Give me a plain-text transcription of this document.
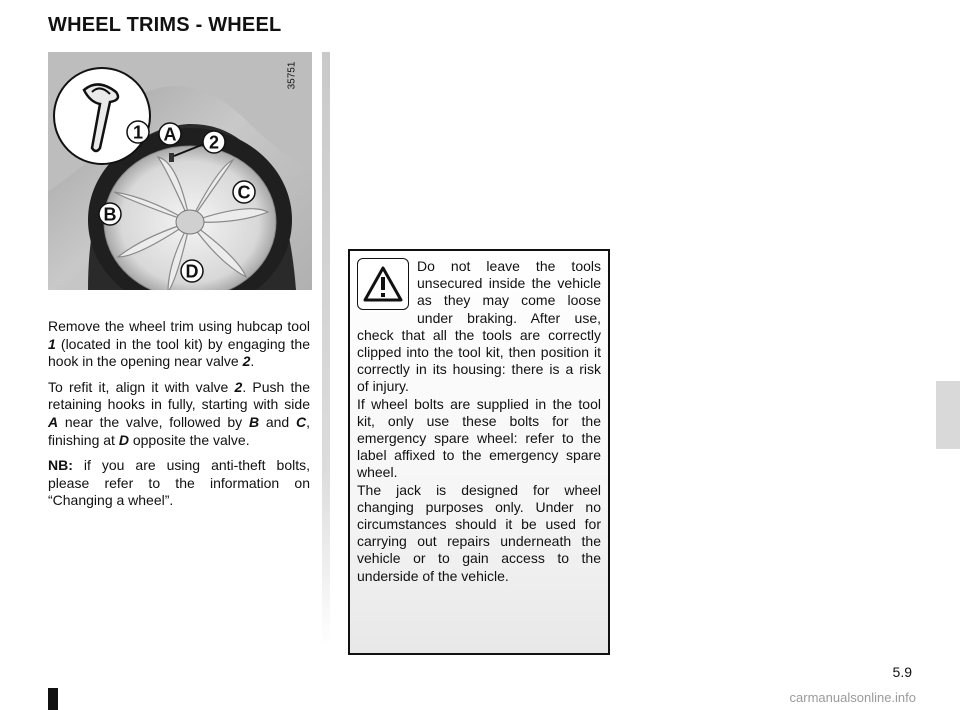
WHEEL TRIMS - WHEEL
1 A 2
C
B
D
35751

Remove the wheel trim using hubcap tool 1 (located in the tool kit) by engaging the hook in the opening near valve 2.

To refit it, align it with valve 2. Push the retaining hooks in fully, starting with side A near the valve, followed by B and C, finishing at D opposite the valve.

NB: if you are using anti-theft bolts, please refer to the information on “Changing a wheel”.

Do not leave the tools unsecured inside the vehicle as they may come loose under braking. After use, check that all the tools are correctly clipped into the tool kit, then position it correctly in its housing: there is a risk of injury.
If wheel bolts are supplied in the tool kit, only use these bolts for the emergency spare wheel: refer to the label affixed to the emergency spare wheel.
The jack is designed for wheel changing purposes only. Under no circumstances should it be used for carrying out repairs underneath the vehicle or to gain access to the underside of the vehicle.

5.9
carmanualsonline.info
